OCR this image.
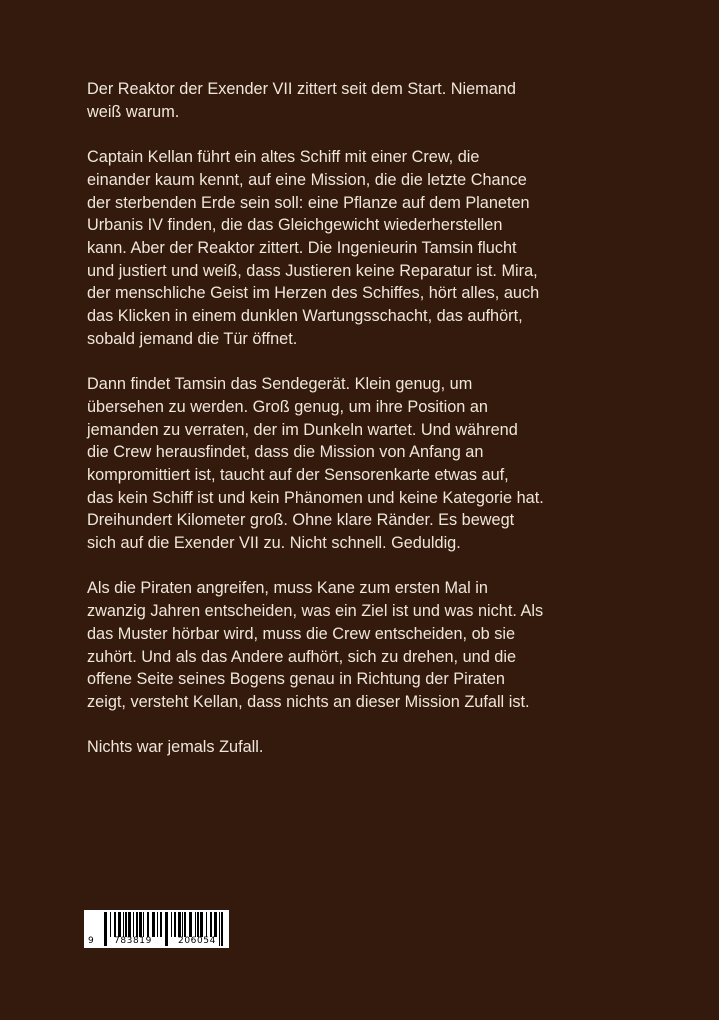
Der Reaktor der Exender VII zittert seit dem Start. Niemand
weiß warum.

Captain Kellan führt ein altes Schiff mit einer Crew, die
einander kaum kennt, auf eine Mission, die die letzte Chance
der sterbenden Erde sein soll: eine Pflanze auf dem Planeten
Urbanis IV finden, die das Gleichgewicht wiederherstellen
kann. Aber der Reaktor zittert. Die Ingenieurin Tamsin flucht
und justiert und weiß, dass Justieren keine Reparatur ist. Mira,
der menschliche Geist im Herzen des Schiffes, hört alles, auch
das Klicken in einem dunklen Wartungsschacht, das aufhört,
sobald jemand die Tür öffnet.

Dann findet Tamsin das Sendegerät. Klein genug, um
übersehen zu werden. Groß genug, um ihre Position an
jemanden zu verraten, der im Dunkeln wartet. Und während
die Crew herausfindet, dass die Mission von Anfang an
kompromittiert ist, taucht auf der Sensorenkarte etwas auf,
das kein Schiff ist und kein Phänomen und keine Kategorie hat.
Dreihundert Kilometer groß. Ohne klare Ränder. Es bewegt
sich auf die Exender VII zu. Nicht schnell. Geduldig.

Als die Piraten angreifen, muss Kane zum ersten Mal in
zwanzig Jahren entscheiden, was ein Ziel ist und was nicht. Als
das Muster hörbar wird, muss die Crew entscheiden, ob sie
zuhört. Und als das Andere aufhört, sich zu drehen, und die
offene Seite seines Bogens genau in Richtung der Piraten
zeigt, versteht Kellan, dass nichts an dieser Mission Zufall ist.

Nichts war jemals Zufall.

9 783819	206054
